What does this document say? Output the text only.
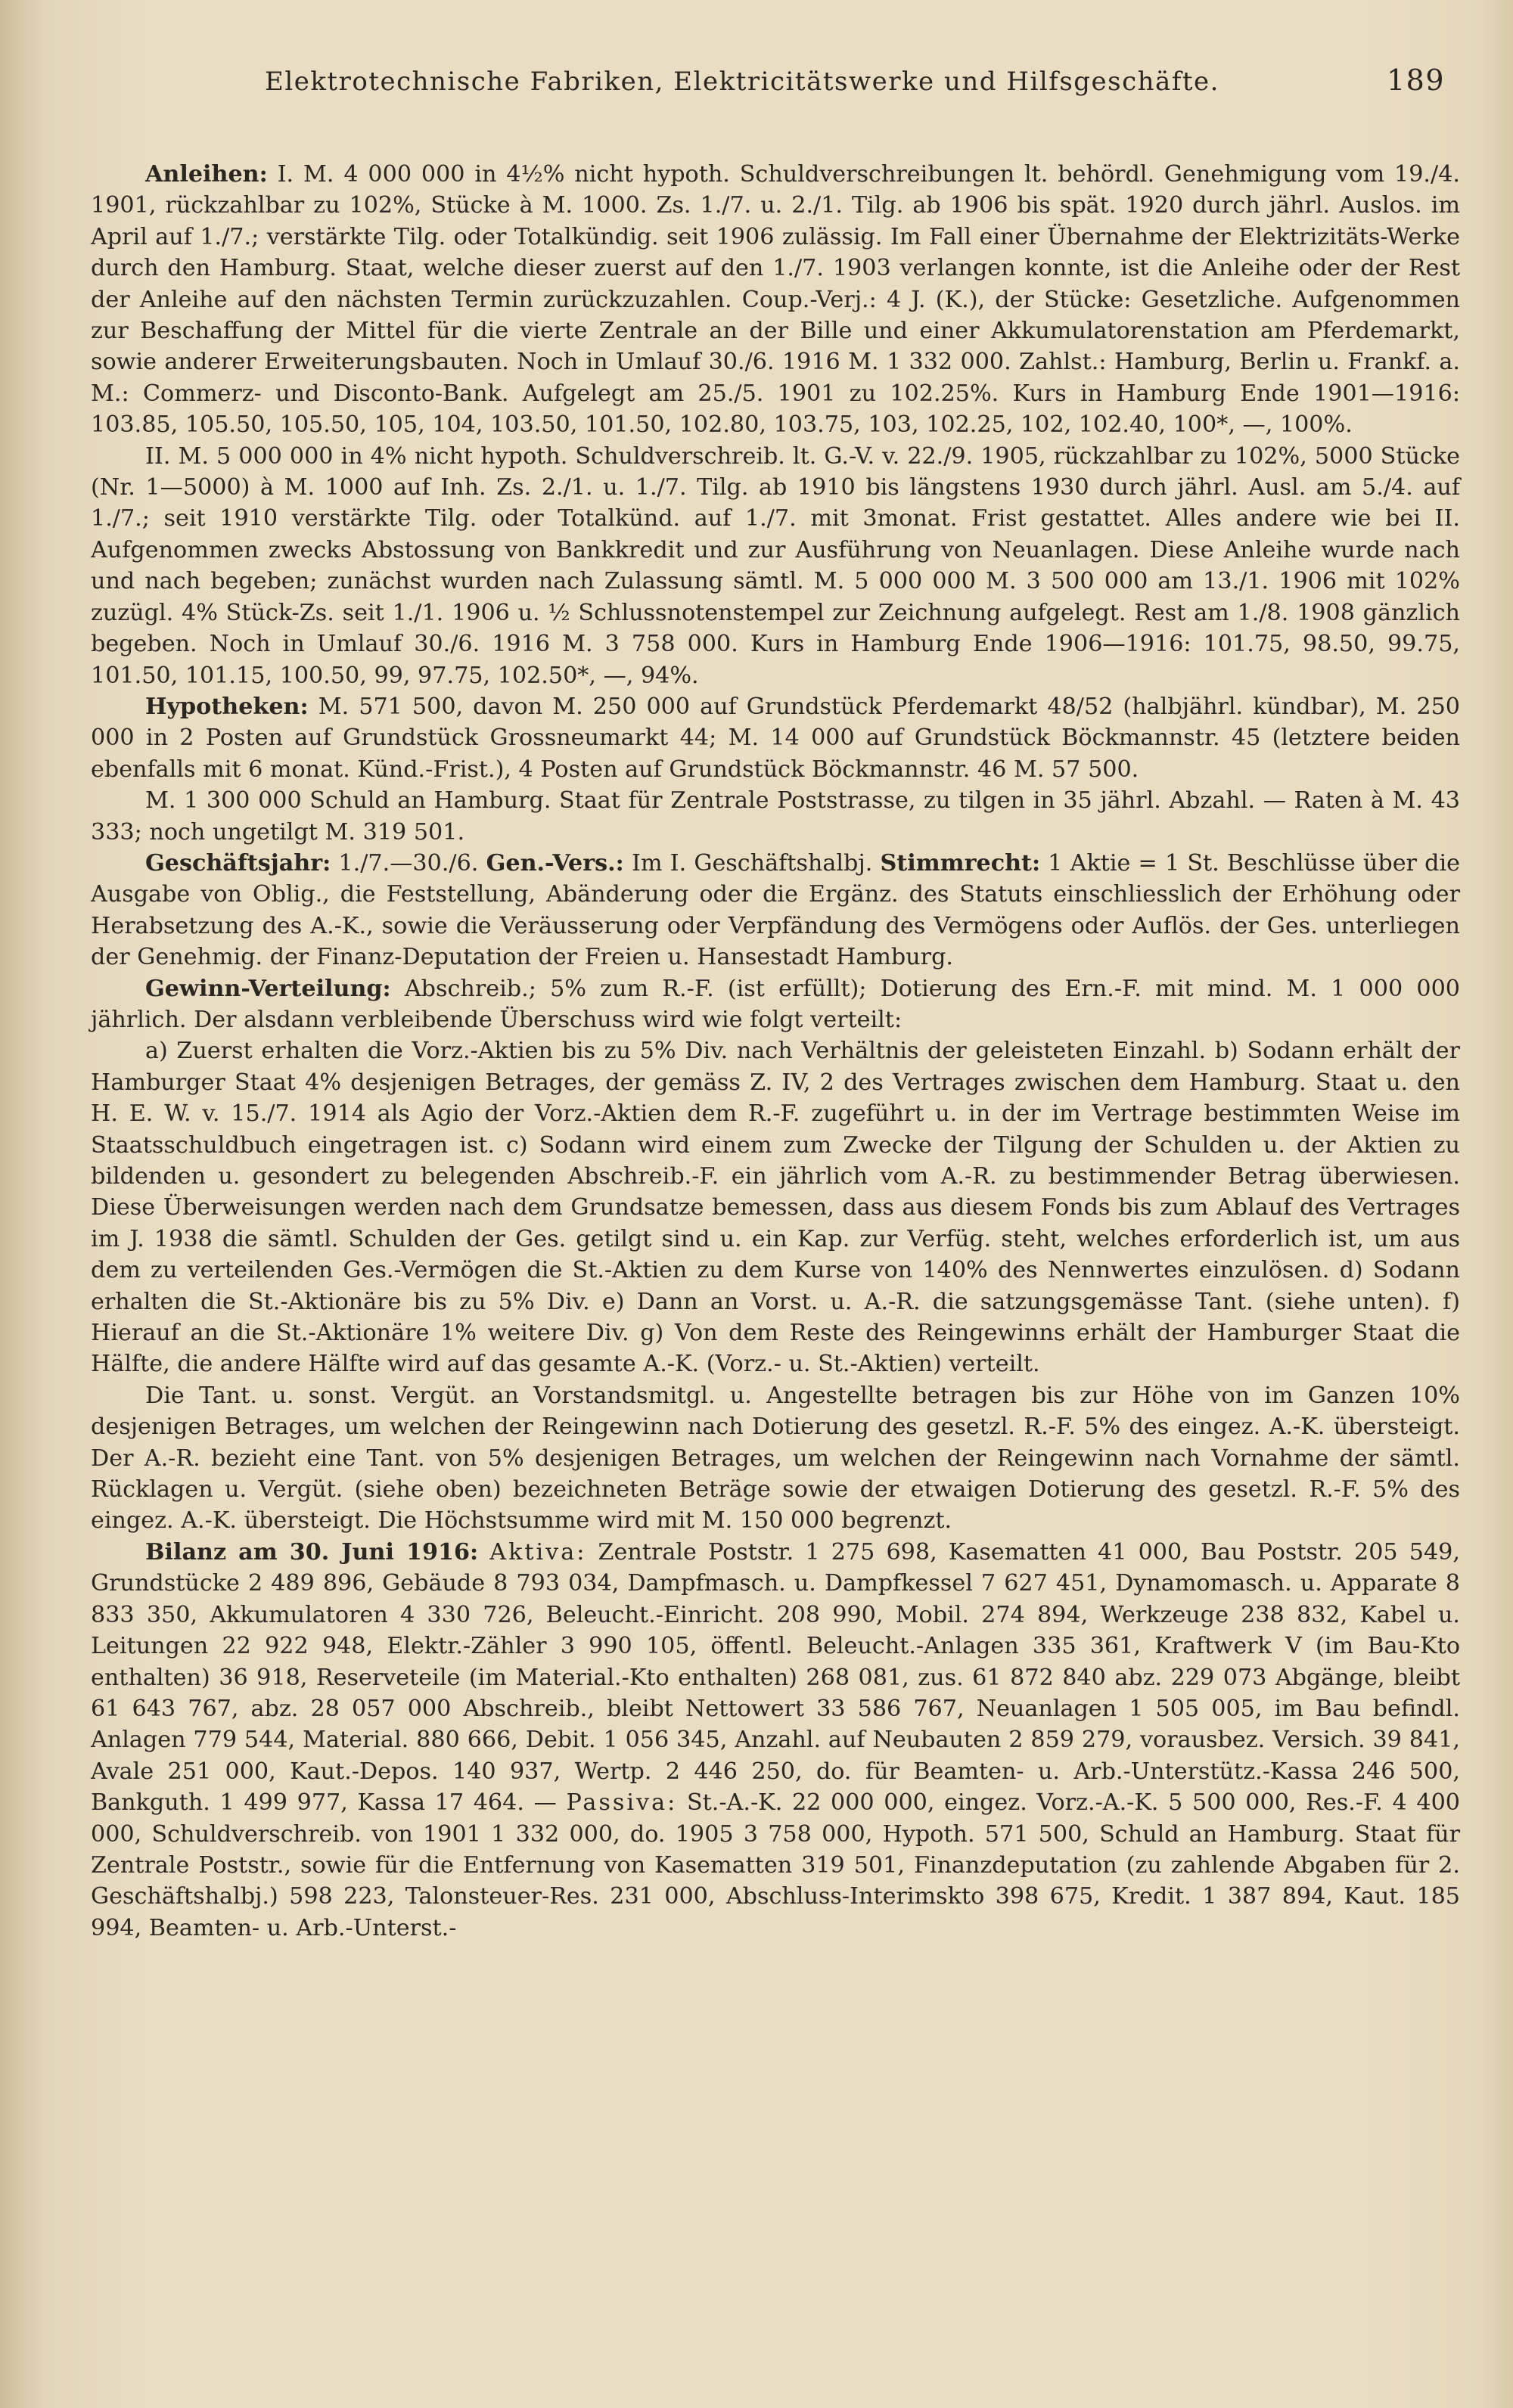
Elektrotechnische Fabriken, Elektricitätswerke und Hilfsgeschäfte.	189

Anleihen: I. M. 4 000 000 in 4½% nicht hypoth. Schuldverschreibungen lt. behördl. Genehmigung vom 19./4. 1901, rückzahlbar zu 102%, Stücke à M. 1000. Zs. 1./7. u. 2./1. Tilg. ab 1906 bis spät. 1920 durch jährl. Auslos. im April auf 1./7.; verstärkte Tilg. oder Totalkündig. seit 1906 zulässig. Im Fall einer Übernahme der Elektrizitäts-Werke durch den Hamburg. Staat, welche dieser zuerst auf den 1./7. 1903 verlangen konnte, ist die Anleihe oder der Rest der Anleihe auf den nächsten Termin zurückzuzahlen. Coup.-Verj.: 4 J. (K.), der Stücke: Gesetzliche. Aufgenommen zur Beschaffung der Mittel für die vierte Zentrale an der Bille und einer Akkumulatorenstation am Pferdemarkt, sowie anderer Erweiterungsbauten. Noch in Umlauf 30./6. 1916 M. 1 332 000. Zahlst.: Hamburg, Berlin u. Frankf. a. M.: Commerz- und Disconto-Bank. Aufgelegt am 25./5. 1901 zu 102.25%. Kurs in Hamburg Ende 1901—1916: 103.85, 105.50, 105.50, 105, 104, 103.50, 101.50, 102.80, 103.75, 103, 102.25, 102, 102.40, 100*, —, 100%.

II. M. 5 000 000 in 4% nicht hypoth. Schuldverschreib. lt. G.-V. v. 22./9. 1905, rückzahlbar zu 102%, 5000 Stücke (Nr. 1—5000) à M. 1000 auf Inh. Zs. 2./1. u. 1./7. Tilg. ab 1910 bis längstens 1930 durch jährl. Ausl. am 5./4. auf 1./7.; seit 1910 verstärkte Tilg. oder Totalkünd. auf 1./7. mit 3monat. Frist gestattet. Alles andere wie bei II. Aufgenommen zwecks Abstossung von Bankkredit und zur Ausführung von Neuanlagen. Diese Anleihe wurde nach und nach begeben; zunächst wurden nach Zulassung sämtl. M. 5 000 000 M. 3 500 000 am 13./1. 1906 mit 102% zuzügl. 4% Stück-Zs. seit 1./1. 1906 u. ½ Schlussnotenstempel zur Zeichnung aufgelegt. Rest am 1./8. 1908 gänzlich begeben. Noch in Umlauf 30./6. 1916 M. 3 758 000. Kurs in Hamburg Ende 1906—1916: 101.75, 98.50, 99.75, 101.50, 101.15, 100.50, 99, 97.75, 102.50*, —, 94%.

Hypotheken: M. 571 500, davon M. 250 000 auf Grundstück Pferdemarkt 48/52 (halbjährl. kündbar), M. 250 000 in 2 Posten auf Grundstück Grossneumarkt 44; M. 14 000 auf Grundstück Böckmannstr. 45 (letztere beiden ebenfalls mit 6 monat. Künd.-Frist.), 4 Posten auf Grundstück Böckmannstr. 46 M. 57 500.

M. 1 300 000 Schuld an Hamburg. Staat für Zentrale Poststrasse, zu tilgen in 35 jährl. Abzahl. — Raten à M. 43 333; noch ungetilgt M. 319 501.

Geschäftsjahr: 1./7.—30./6. Gen.-Vers.: Im I. Geschäftshalbj. Stimmrecht: 1 Aktie = 1 St. Beschlüsse über die Ausgabe von Oblig., die Feststellung, Abänderung oder die Ergänz. des Statuts einschliesslich der Erhöhung oder Herabsetzung des A.-K., sowie die Veräusserung oder Verpfändung des Vermögens oder Auflös. der Ges. unterliegen der Genehmig. der Finanz-Deputation der Freien u. Hansestadt Hamburg.

Gewinn-Verteilung: Abschreib.; 5% zum R.-F. (ist erfüllt); Dotierung des Ern.-F. mit mind. M. 1 000 000 jährlich. Der alsdann verbleibende Überschuss wird wie folgt verteilt:

a) Zuerst erhalten die Vorz.-Aktien bis zu 5% Div. nach Verhältnis der geleisteten Einzahl. b) Sodann erhält der Hamburger Staat 4% desjenigen Betrages, der gemäss Z. IV, 2 des Vertrages zwischen dem Hamburg. Staat u. den H. E. W. v. 15./7. 1914 als Agio der Vorz.-Aktien dem R.-F. zugeführt u. in der im Vertrage bestimmten Weise im Staatsschuldbuch eingetragen ist. c) Sodann wird einem zum Zwecke der Tilgung der Schulden u. der Aktien zu bildenden u. gesondert zu belegenden Abschreib.-F. ein jährlich vom A.-R. zu bestimmender Betrag überwiesen. Diese Überweisungen werden nach dem Grundsatze bemessen, dass aus diesem Fonds bis zum Ablauf des Vertrages im J. 1938 die sämtl. Schulden der Ges. getilgt sind u. ein Kap. zur Verfüg. steht, welches erforderlich ist, um aus dem zu verteilenden Ges.-Vermögen die St.-Aktien zu dem Kurse von 140% des Nennwertes einzulösen. d) Sodann erhalten die St.-Aktionäre bis zu 5% Div. e) Dann an Vorst. u. A.-R. die satzungsgemässe Tant. (siehe unten). f) Hierauf an die St.-Aktionäre 1% weitere Div. g) Von dem Reste des Reingewinns erhält der Hamburger Staat die Hälfte, die andere Hälfte wird auf das gesamte A.-K. (Vorz.- u. St.-Aktien) verteilt.

Die Tant. u. sonst. Vergüt. an Vorstandsmitgl. u. Angestellte betragen bis zur Höhe von im Ganzen 10% desjenigen Betrages, um welchen der Reingewinn nach Dotierung des gesetzl. R.-F. 5% des eingez. A.-K. übersteigt. Der A.-R. bezieht eine Tant. von 5% desjenigen Betrages, um welchen der Reingewinn nach Vornahme der sämtl. Rücklagen u. Vergüt. (siehe oben) bezeichneten Beträge sowie der etwaigen Dotierung des gesetzl. R.-F. 5% des eingez. A.-K. übersteigt. Die Höchstsumme wird mit M. 150 000 begrenzt.

Bilanz am 30. Juni 1916: Aktiva: Zentrale Poststr. 1 275 698, Kasematten 41 000, Bau Poststr. 205 549, Grundstücke 2 489 896, Gebäude 8 793 034, Dampfmasch. u. Dampfkessel 7 627 451, Dynamomasch. u. Apparate 8 833 350, Akkumulatoren 4 330 726, Beleucht.-Einricht. 208 990, Mobil. 274 894, Werkzeuge 238 832, Kabel u. Leitungen 22 922 948, Elektr.-Zähler 3 990 105, öffentl. Beleucht.-Anlagen 335 361, Kraftwerk V (im Bau-Kto enthalten) 36 918, Reserveteile (im Material.-Kto enthalten) 268 081, zus. 61 872 840 abz. 229 073 Abgänge, bleibt 61 643 767, abz. 28 057 000 Abschreib., bleibt Nettowert 33 586 767, Neuanlagen 1 505 005, im Bau befindl. Anlagen 779 544, Material. 880 666, Debit. 1 056 345, Anzahl. auf Neubauten 2 859 279, vorausbez. Versich. 39 841, Avale 251 000, Kaut.-Depos. 140 937, Wertp. 2 446 250, do. für Beamten- u. Arb.-Unterstütz.-Kassa 246 500, Bankguth. 1 499 977, Kassa 17 464. — Passiva: St.-A.-K. 22 000 000, eingez. Vorz.-A.-K. 5 500 000, Res.-F. 4 400 000, Schuldverschreib. von 1901 1 332 000, do. 1905 3 758 000, Hypoth. 571 500, Schuld an Hamburg. Staat für Zentrale Poststr., sowie für die Entfernung von Kasematten 319 501, Finanzdeputation (zu zahlende Abgaben für 2. Geschäftshalbj.) 598 223, Talonsteuer-Res. 231 000, Abschluss-Interimskto 398 675, Kredit. 1 387 894, Kaut. 185 994, Beamten- u. Arb.-Unterst.-
